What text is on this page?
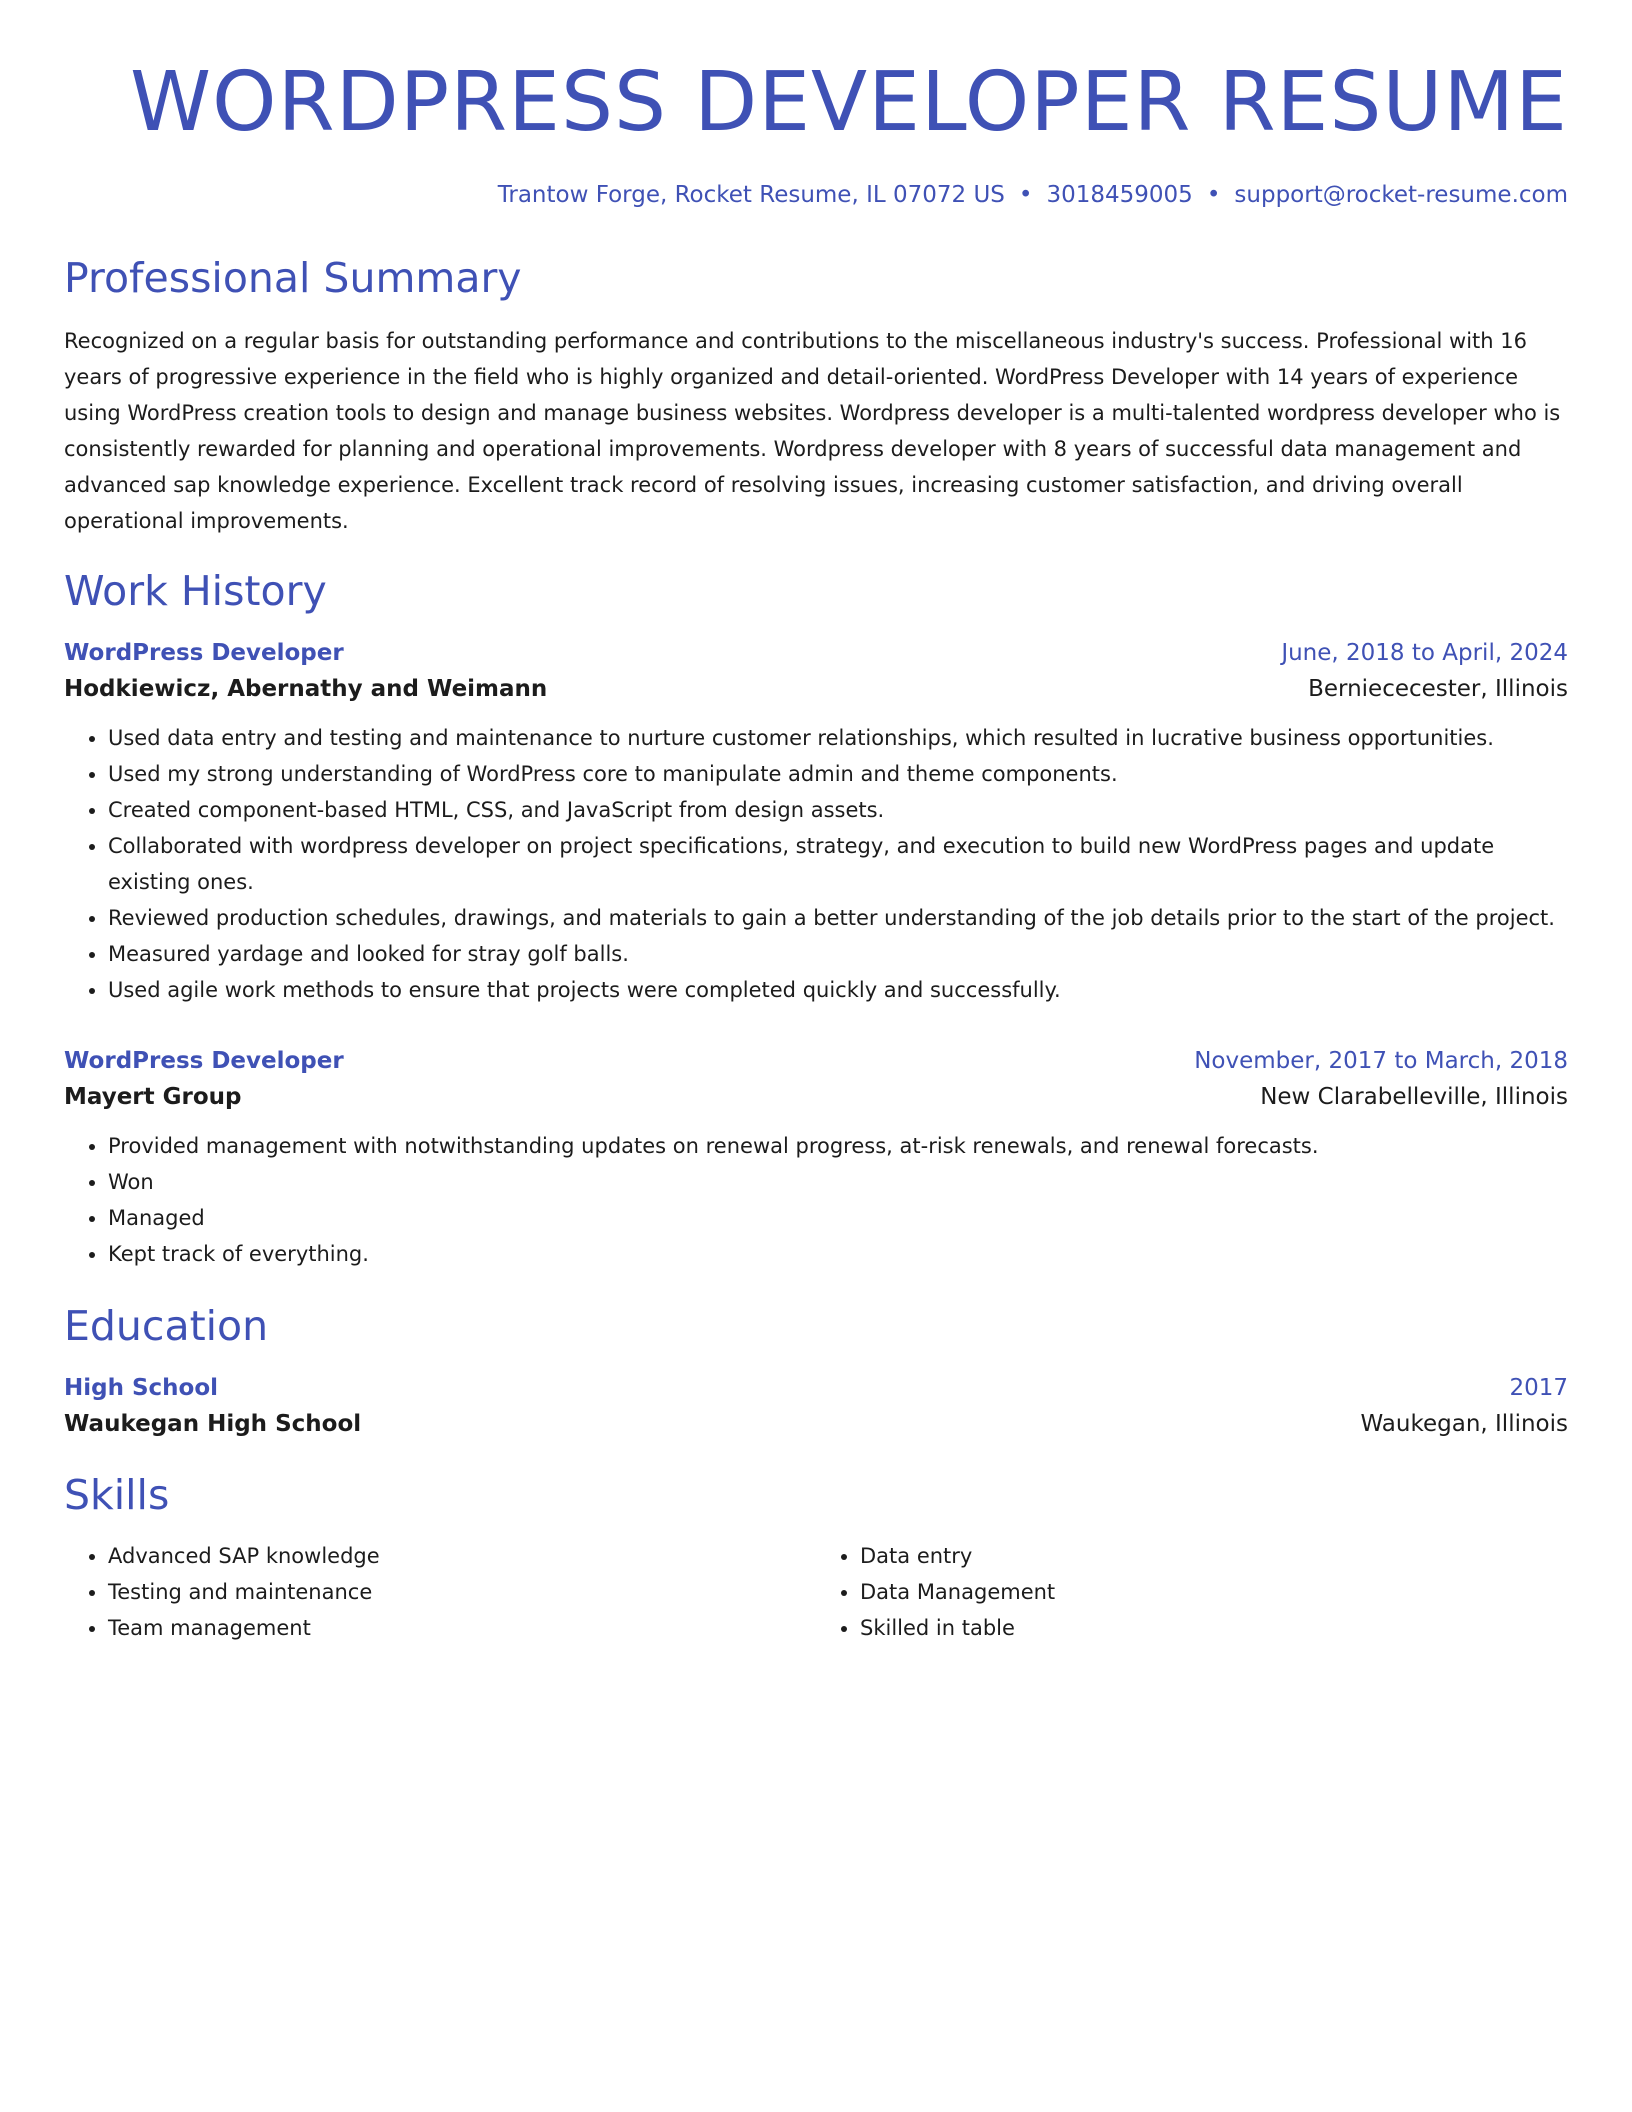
WORDPRESS DEVELOPER RESUME
Trantow Forge, Rocket Resume, IL 07072 US • 3018459005 • support@rocket-resume.com
Professional Summary
Recognized on a regular basis for outstanding performance and contributions to the miscellaneous industry's success. Professional with 16 years of progressive experience in the field who is highly organized and detail-oriented. WordPress Developer with 14 years of experience using WordPress creation tools to design and manage business websites. Wordpress developer is a multi-talented wordpress developer who is consistently rewarded for planning and operational improvements. Wordpress developer with 8 years of successful data management and advanced sap knowledge experience. Excellent track record of resolving issues, increasing customer satisfaction, and driving overall operational improvements.
Work History
WordPress Developer	June, 2018 to April, 2024
Hodkiewicz, Abernathy and Weimann	Berniececester, Illinois
• Used data entry and testing and maintenance to nurture customer relationships, which resulted in lucrative business opportunities.
• Used my strong understanding of WordPress core to manipulate admin and theme components.
• Created component-based HTML, CSS, and JavaScript from design assets.
• Collaborated with wordpress developer on project specifications, strategy, and execution to build new WordPress pages and update existing ones.
• Reviewed production schedules, drawings, and materials to gain a better understanding of the job details prior to the start of the project.
• Measured yardage and looked for stray golf balls.
• Used agile work methods to ensure that projects were completed quickly and successfully.
WordPress Developer	November, 2017 to March, 2018
Mayert Group	New Clarabelleville, Illinois
• Provided management with notwithstanding updates on renewal progress, at-risk renewals, and renewal forecasts.
• Won
• Managed
• Kept track of everything.
Education
High School	2017
Waukegan High School	Waukegan, Illinois
Skills
• Advanced SAP knowledge
• Testing and maintenance
• Team management
• Data entry
• Data Management
• Skilled in table
